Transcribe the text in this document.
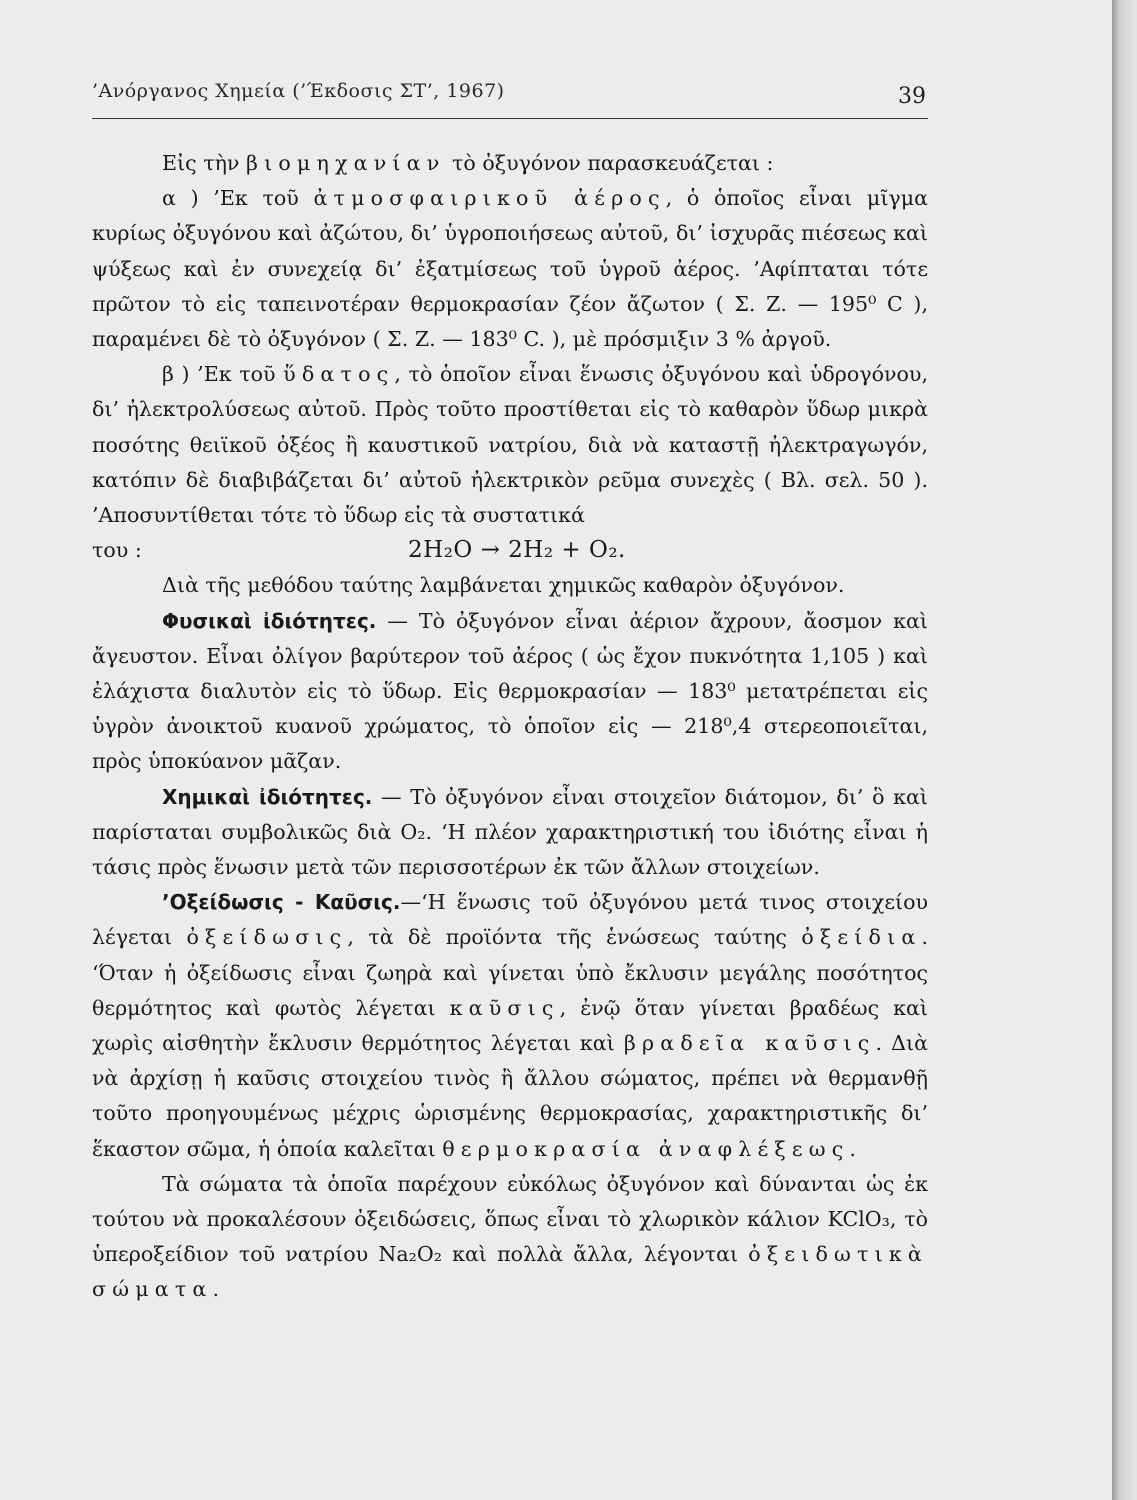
’Ανόργανος Χημεία (’Έκδοσις ΣΤ’, 1967)	39

Εἰς τὴν βιομηχανίαν τὸ ὀξυγόνον παρασκευάζεται :

α ) ’Εκ τοῦ ἀτμοσφαιρικοῦ ἀέρος, ὁ ὁποῖος εἶναι μῖγμα κυρίως ὀξυγόνου καὶ ἀζώτου, δι’ ὑγροποιήσεως αὐτοῦ, δι’ ἰσχυρᾶς πιέσεως καὶ ψύξεως καὶ ἐν συνεχείᾳ δι’ ἐξατμίσεως τοῦ ὑγροῦ ἀέρος. ’Αφίπταται τότε πρῶτον τὸ εἰς ταπεινοτέραν θερμοκρασίαν ζέον ἄζωτον ( Σ. Ζ. — 195⁰ C ), παραμένει δὲ τὸ ὀξυγόνον ( Σ. Ζ. — 183⁰ C. ), μὲ πρόσμιξιν 3 % ἀργοῦ.

β ) ’Εκ τοῦ ὕδατος, τὸ ὁποῖον εἶναι ἕνωσις ὀξυγόνου καὶ ὑδρογόνου, δι’ ἠλεκτρολύσεως αὐτοῦ. Πρὸς τοῦτο προστίθεται εἰς τὸ καθαρὸν ὕδωρ μικρὰ ποσότης θειϊκοῦ ὀξέος ἢ καυστικοῦ νατρίου, διὰ νὰ καταστῇ ἠλεκτραγωγόν, κατόπιν δὲ διαβιβάζεται δι’ αὐτοῦ ἠλεκτρικὸν ρεῦμα συνεχὲς ( Βλ. σελ. 50 ). ’Αποσυντίθεται τότε τὸ ὕδωρ εἰς τὰ συστατικά

του :	2H₂O → 2H₂ + O₂.

Διὰ τῆς μεθόδου ταύτης λαμβάνεται χημικῶς καθαρὸν ὀξυγόνον.

Φυσικαὶ ἰδιότητες. — Τὸ ὀξυγόνον εἶναι ἀέριον ἄχρουν, ἄοσμον καὶ ἄγευστον. Εἶναι ὀλίγον βαρύτερον τοῦ ἀέρος ( ὡς ἔχον πυκνότητα 1,105 ) καὶ ἐλάχιστα διαλυτὸν εἰς τὸ ὕδωρ. Εἰς θερμοκρασίαν — 183⁰ μετατρέπεται εἰς ὑγρὸν ἀνοικτοῦ κυανοῦ χρώματος, τὸ ὁποῖον εἰς — 218⁰,4 στερεοποιεῖται, πρὸς ὑποκύανον μᾶζαν.

Χημικαὶ ἰδιότητες. — Τὸ ὀξυγόνον εἶναι στοιχεῖον διάτομον, δι’ ὃ καὶ παρίσταται συμβολικῶς διὰ O₂. ‘Η πλέον χαρακτηριστική του ἰδιότης εἶναι ἡ τάσις πρὸς ἕνωσιν μετὰ τῶν περισσοτέρων ἐκ τῶν ἄλλων στοιχείων.

’Οξείδωσις - Καῦσις.—‘Η ἕνωσις τοῦ ὀξυγόνου μετά τινος στοιχείου λέγεται ὀξείδωσις, τὰ δὲ προϊόντα τῆς ἑνώσεως ταύτης ὀξείδια. ‘Όταν ἡ ὀξείδωσις εἶναι ζωηρὰ καὶ γίνεται ὑπὸ ἔκλυσιν μεγάλης ποσότητος θερμότητος καὶ φωτὸς λέγεται καῦσις, ἐνῷ ὅταν γίνεται βραδέως καὶ χωρὶς αἰσθητὴν ἔκλυσιν θερμότητος λέγεται καὶ βραδεῖα καῦσις. Διὰ νὰ ἀρχίσῃ ἡ καῦσις στοιχείου τινὸς ἢ ἄλλου σώματος, πρέπει νὰ θερμανθῇ τοῦτο προηγουμένως μέχρις ὡρισμένης θερμοκρασίας, χαρακτηριστικῆς δι’ ἕκαστον σῶμα, ἡ ὁποία καλεῖται θερμοκρασία ἀναφλέξεως.

Τὰ σώματα τὰ ὁποῖα παρέχουν εὐκόλως ὀξυγόνον καὶ δύνανται ὡς ἐκ τούτου νὰ προκαλέσουν ὀξειδώσεις, ὅπως εἶναι τὸ χλωρικὸν κάλιον KClO₃, τὸ ὑπεροξείδιον τοῦ νατρίου Na₂O₂ καὶ πολλὰ ἄλλα, λέγονται ὀξειδωτικὰ σώματα.
